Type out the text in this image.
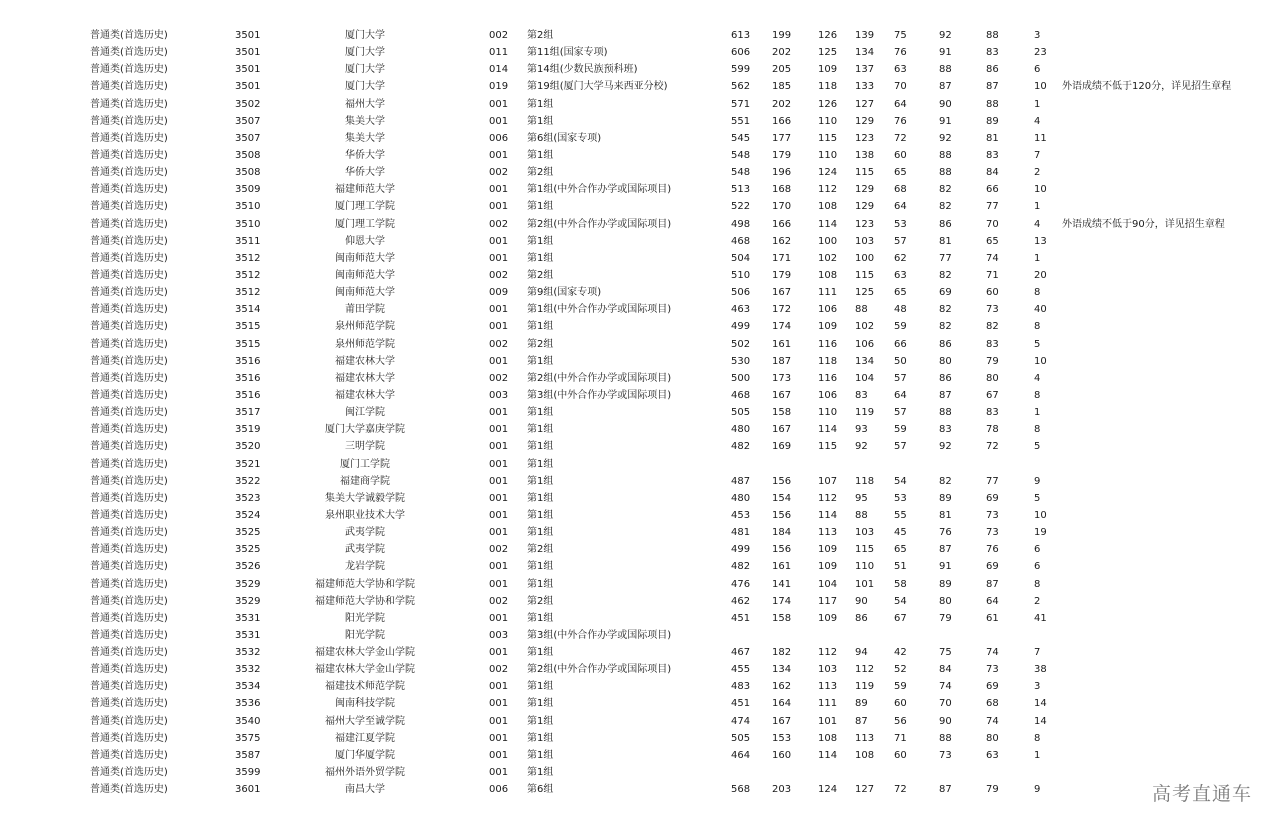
普通类(首选历史)	3501	厦门大学	002 第2组	613 199	126 139 75	92	88	3
普通类(首选历史)	3501	厦门大学	011 第11组(国家专项)	606 202	125 134 76	91	83	23
普通类(首选历史)	3501	厦门大学	014 第14组(少数民族预科班)	599 205	109 137 63	88	86	6
普通类(首选历史)	3501	厦门大学	019 第19组(厦门大学马来西亚分校)	562 185	118 133 70	87	87	10 外语成绩不低于120分，详见招生章程
普通类(首选历史)	3502	福州大学	001 第1组	571 202	126 127 64	90	88	1
普通类(首选历史)	3507	集美大学	001 第1组	551 166	110 129 76	91	89	4
普通类(首选历史)	3507	集美大学	006 第6组(国家专项)	545 177	115 123 72	92	81	11
普通类(首选历史)	3508	华侨大学	001 第1组	548 179	110 138 60	88	83	7
普通类(首选历史)	3508	华侨大学	002 第2组	548 196	124 115 65	88	84	2
普通类(首选历史)	3509	福建师范大学	001 第1组(中外合作办学或国际项目)	513 168	112 129 68	82	66	10
普通类(首选历史)	3510	厦门理工学院	001 第1组	522 170	108 129 64	82	77	1
普通类(首选历史)	3510	厦门理工学院	002 第2组(中外合作办学或国际项目)	498 166	114 123 53	86	70	4 外语成绩不低于90分，详见招生章程
普通类(首选历史)	3511	仰恩大学	001 第1组	468 162	100 103 57	81	65	13
普通类(首选历史)	3512	闽南师范大学	001 第1组	504 171	102 100 62	77	74	1
普通类(首选历史)	3512	闽南师范大学	002 第2组	510 179	108 115 63	82	71	20
普通类(首选历史)	3512	闽南师范大学	009 第9组(国家专项)	506 167	111 125 65	69	60	8
普通类(首选历史)	3514	莆田学院	001 第1组(中外合作办学或国际项目)	463 172	106 88	48	82	73	40
普通类(首选历史)	3515	泉州师范学院	001 第1组	499 174	109 102 59	82	82	8
普通类(首选历史)	3515	泉州师范学院	002 第2组	502 161	116 106 66	86	83	5
普通类(首选历史)	3516	福建农林大学	001 第1组	530 187	118 134 50	80	79	10
普通类(首选历史)	3516	福建农林大学	002 第2组(中外合作办学或国际项目)	500 173	116 104 57	86	80	4
普通类(首选历史)	3516	福建农林大学	003 第3组(中外合作办学或国际项目)	468 167	106 83	64	87	67	8
普通类(首选历史)	3517	闽江学院	001 第1组	505 158	110 119 57	88	83	1
普通类(首选历史)	3519	厦门大学嘉庚学院	001 第1组	480 167	114 93	59	83	78	8
普通类(首选历史)	3520	三明学院	001 第1组	482 169	115 92	57	92	72	5
普通类(首选历史)	3521	厦门工学院	001 第1组
普通类(首选历史)	3522	福建商学院	001 第1组	487 156	107 118 54	82	77	9
普通类(首选历史)	3523	集美大学诚毅学院	001 第1组	480 154	112 95	53	89	69	5
普通类(首选历史)	3524	泉州职业技术大学	001 第1组	453 156	114 88	55	81	73	10
普通类(首选历史)	3525	武夷学院	001 第1组	481 184	113 103 45	76	73	19
普通类(首选历史)	3525	武夷学院	002 第2组	499 156	109 115 65	87	76	6
普通类(首选历史)	3526	龙岩学院	001 第1组	482 161	109 110 51	91	69	6
普通类(首选历史)	3529	福建师范大学协和学院	001 第1组	476 141	104 101 58	89	87	8
普通类(首选历史)	3529	福建师范大学协和学院	002 第2组	462 174	117 90	54	80	64	2
普通类(首选历史)	3531	阳光学院	001 第1组	451 158	109 86	67	79	61	41
普通类(首选历史)	3531	阳光学院	003 第3组(中外合作办学或国际项目)
普通类(首选历史)	3532	福建农林大学金山学院	001 第1组	467 182	112 94	42	75	74	7
普通类(首选历史)	3532	福建农林大学金山学院	002 第2组(中外合作办学或国际项目)	455 134	103 112 52	84	73	38
普通类(首选历史)	3534	福建技术师范学院	001 第1组	483 162	113 119 59	74	69	3
普通类(首选历史)	3536	闽南科技学院	001 第1组	451 164	111 89	60	70	68	14
普通类(首选历史)	3540	福州大学至诚学院	001 第1组	474 167	101 87	56	90	74	14
普通类(首选历史)	3575	福建江夏学院	001 第1组	505 153	108 113 71	88	80	8
普通类(首选历史)	3587	厦门华厦学院	001 第1组	464 160	114 108 60	73	63	1
普通类(首选历史)	3599	福州外语外贸学院	001 第1组
普通类(首选历史)	3601	南昌大学	006 第6组	568 203	124 127 72	87	79	9	高考直通车
